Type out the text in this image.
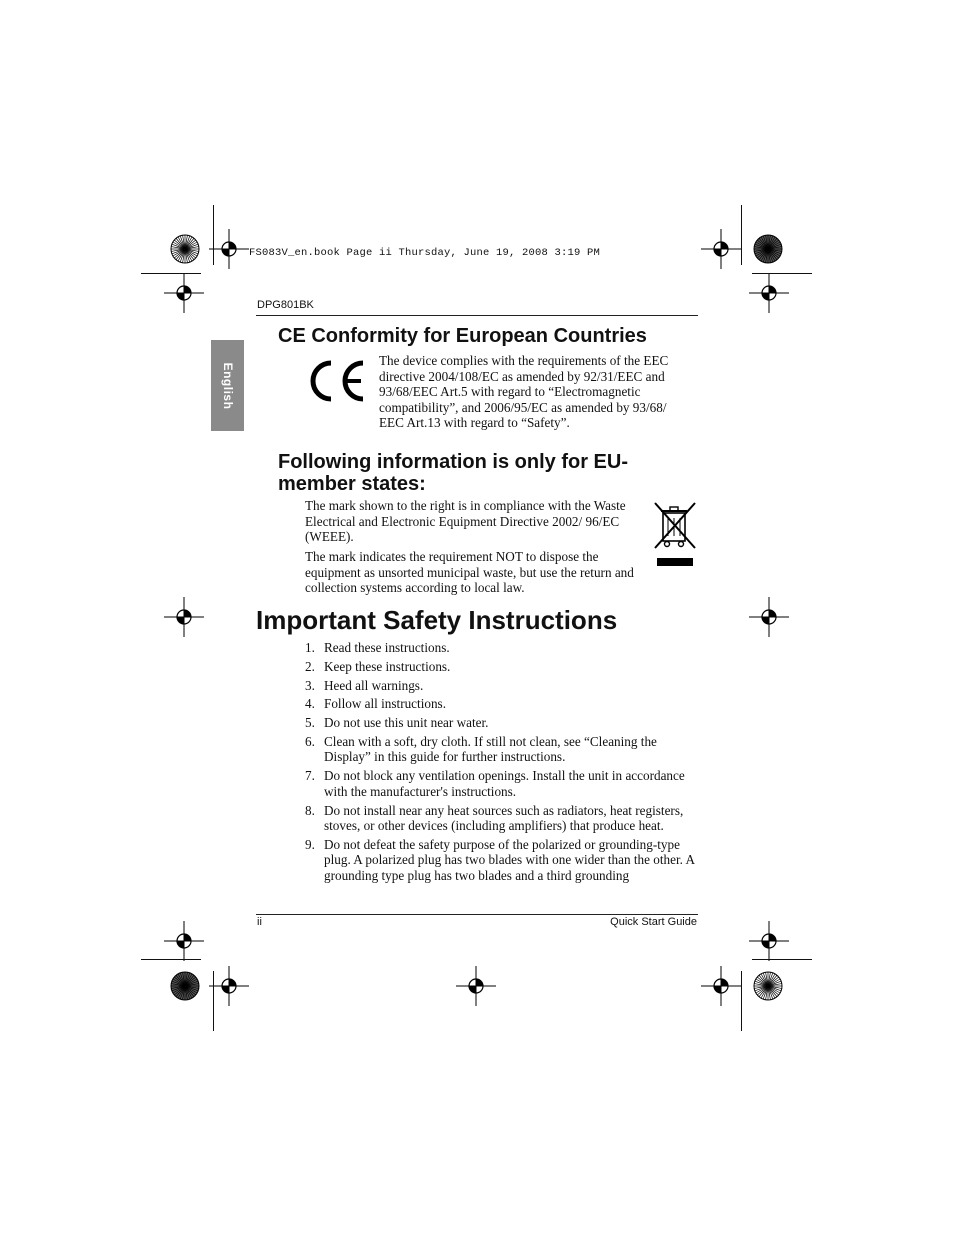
FS083V_en.book Page ii Thursday, June 19, 2008 3:19 PM
DPG801BK
English
CE Conformity for European Countries
The device complies with the requirements of the EEC directive 2004/108/EC as amended by 92/31/EEC and 93/68/EEC Art.5 with regard to “Electromagnetic compatibility”, and 2006/95/EC as amended by 93/68/ EEC Art.13 with regard to “Safety”.
Following information is only for EU-member states:
The mark shown to the right is in compliance with the Waste Electrical and Electronic Equipment Directive 2002/ 96/EC (WEEE).
The mark indicates the requirement NOT to dispose the equipment as unsorted municipal waste, but use the return and collection systems according to local law.
Important Safety Instructions
1. Read these instructions.
2. Keep these instructions.
3. Heed all warnings.
4. Follow all instructions.
5. Do not use this unit near water.
6. Clean with a soft, dry cloth. If still not clean, see “Cleaning the Display” in this guide for further instructions.
7. Do not block any ventilation openings. Install the unit in accordance with the manufacturer's instructions.
8. Do not install near any heat sources such as radiators, heat registers, stoves, or other devices (including amplifiers) that produce heat.
9. Do not defeat the safety purpose of the polarized or grounding-type plug. A polarized plug has two blades with one wider than the other. A grounding type plug has two blades and a third grounding
ii	Quick Start Guide
